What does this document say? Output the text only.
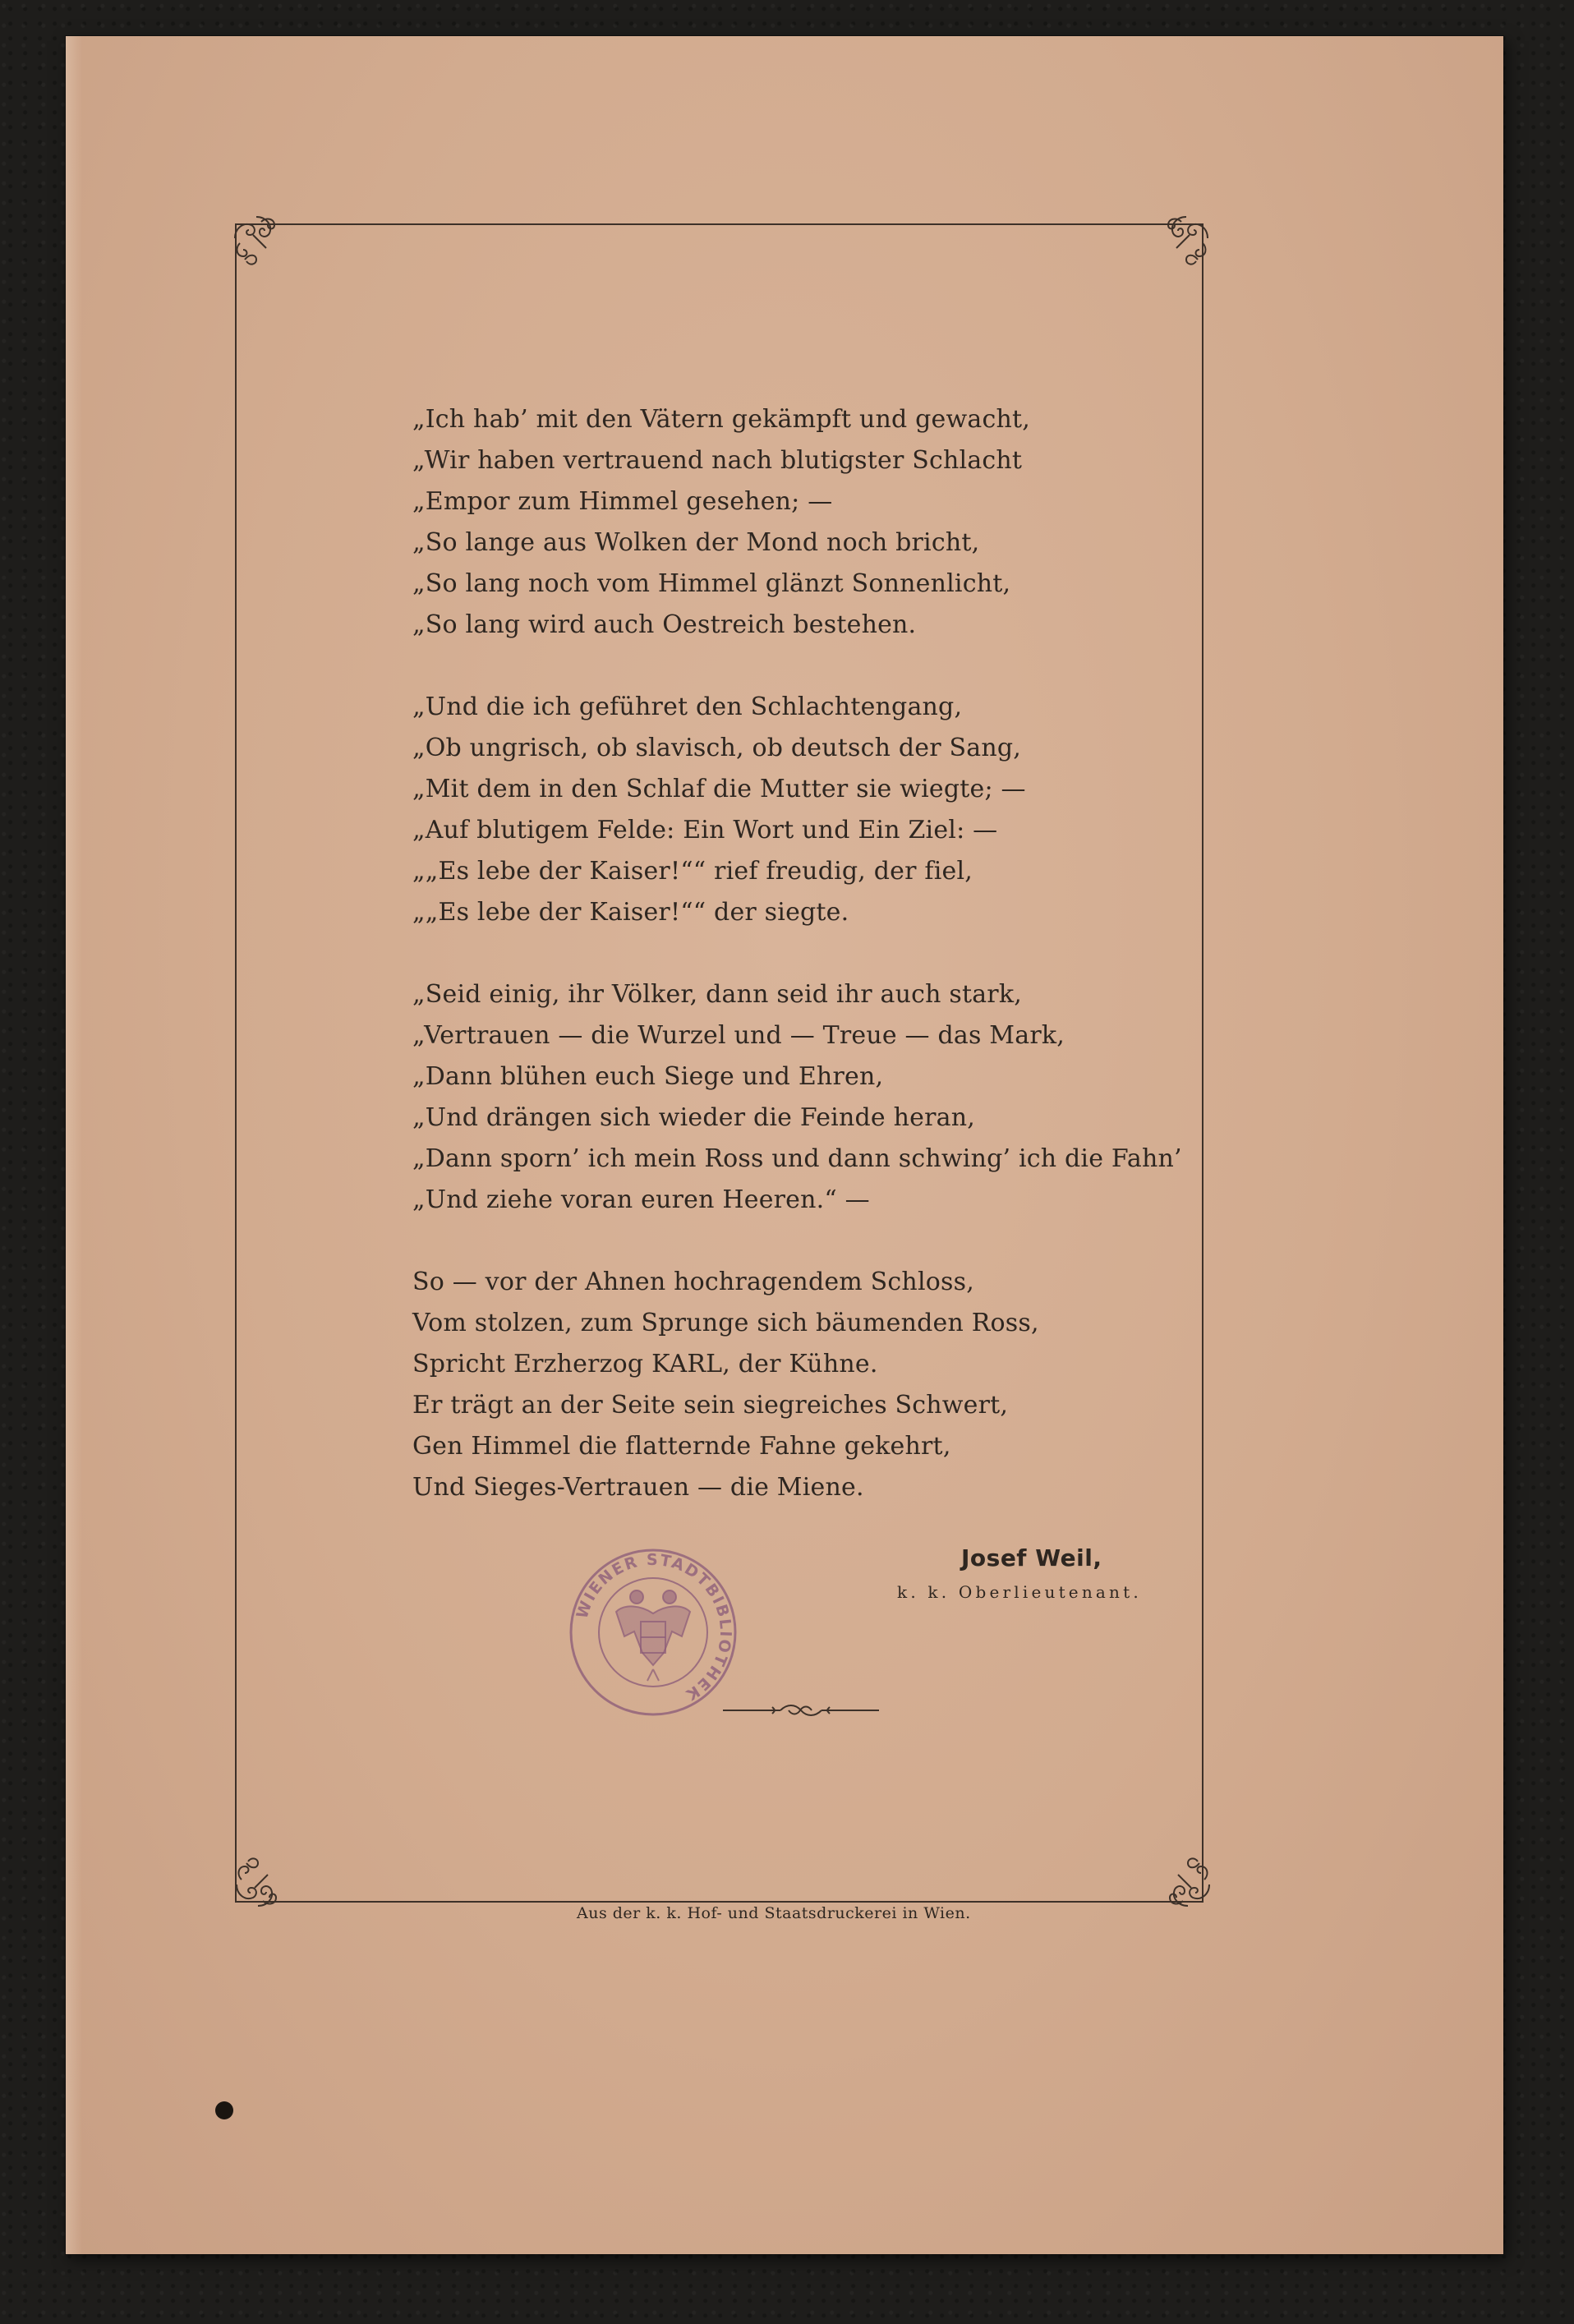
„Ich hab’ mit den Vätern gekämpft und gewacht,
„Wir haben vertrauend nach blutigster Schlacht
„Empor zum Himmel gesehen; —
„So lange aus Wolken der Mond noch bricht,
„So lang noch vom Himmel glänzt Sonnenlicht,
„So lang wird auch Oestreich bestehen.
„Und die ich geführet den Schlachtengang,
„Ob ungrisch, ob slavisch, ob deutsch der Sang,
„Mit dem in den Schlaf die Mutter sie wiegte; —
„Auf blutigem Felde: Ein Wort und Ein Ziel: —
„„Es lebe der Kaiser!““ rief freudig, der fiel,
„„Es lebe der Kaiser!““ der siegte.
„Seid einig, ihr Völker, dann seid ihr auch stark,
„Vertrauen — die Wurzel und — Treue — das Mark,
„Dann blühen euch Siege und Ehren,
„Und drängen sich wieder die Feinde heran,
„Dann sporn’ ich mein Ross und dann schwing’ ich die Fahn’
„Und ziehe voran euren Heeren.“ —
So — vor der Ahnen hochragendem Schloss,
Vom stolzen, zum Sprunge sich bäumenden Ross,
Spricht Erzherzog KARL, der Kühne.
Er trägt an der Seite sein siegreiches Schwert,
Gen Himmel die flatternde Fahne gekehrt,
Und Sieges-Vertrauen — die Miene.
WIENER STADTBIBLIOTHEK
Josef Weil,
k. k. Oberlieutenant.
Aus der k. k. Hof- und Staatsdruckerei in Wien.
